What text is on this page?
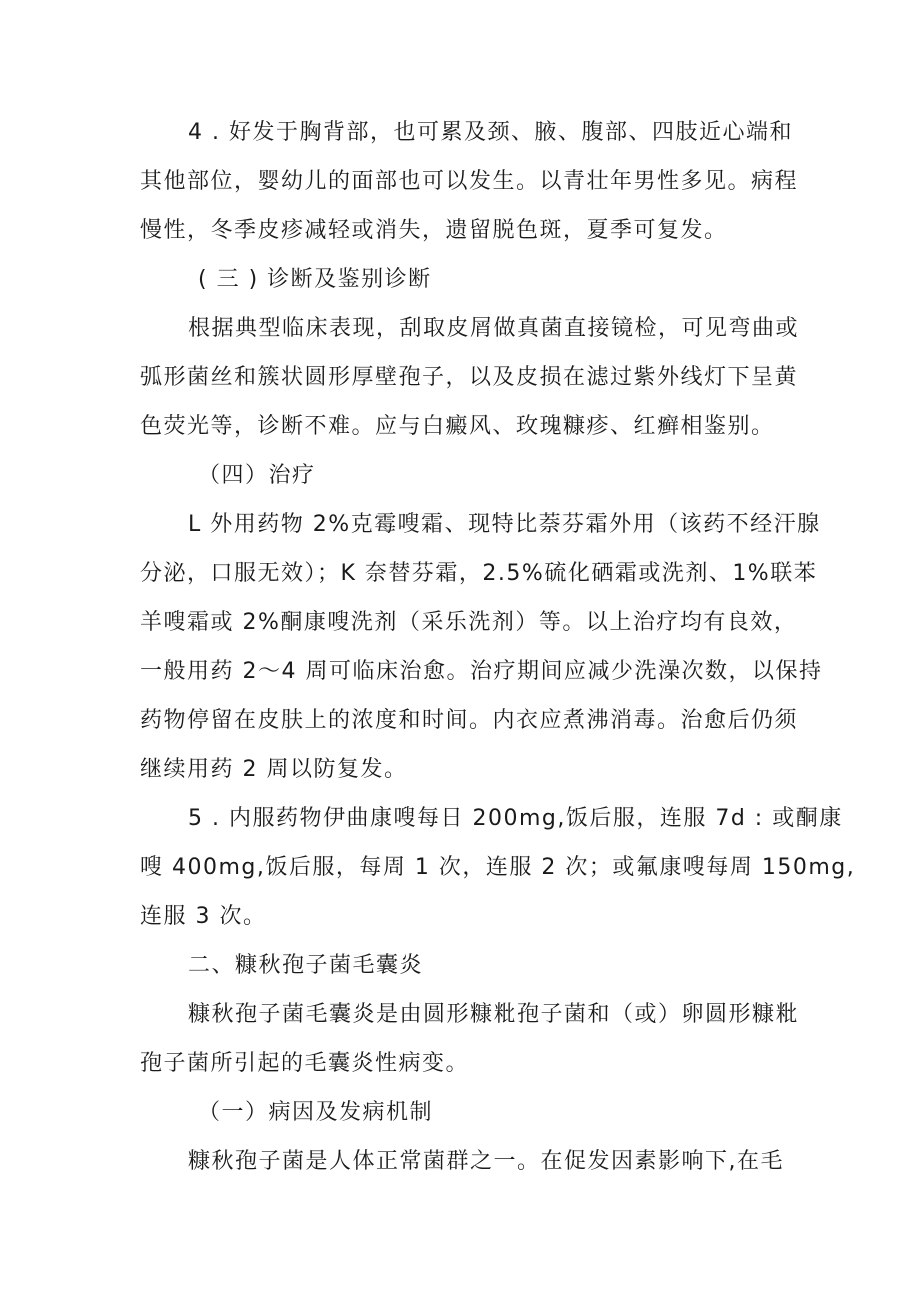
4 . 好发于胸背部，也可累及颈、腋、腹部、四肢近心端和
其他部位，婴幼儿的面部也可以发生。以青壮年男性多见。病程
慢性，冬季皮疹减轻或消失，遗留脱色斑，夏季可复发。
( 三 ) 诊断及鉴别诊断
根据典型临床表现，刮取皮屑做真菌直接镜检，可见弯曲或
弧形菌丝和簇状圆形厚壁孢子，以及皮损在滤过紫外线灯下呈黄
色荧光等，诊断不难。应与白癜风、玫瑰糠疹、红癣相鉴别。
（四）治疗
L 外用药物 2%克霉嗖霜、现特比萘芬霜外用（该药不经汗腺
分泌，口服无效）；K 奈替芬霜，2.5%硫化硒霜或洗剂、1%联苯
羊嗖霜或 2%酮康嗖洗剂（采乐洗剂）等。以上治疗均有良效，
一般用药 2〜4 周可临床治愈。治疗期间应减少洗澡次数，以保持
药物停留在皮肤上的浓度和时间。内衣应煮沸消毒。治愈后仍须
继续用药 2 周以防复发。
5 . 内服药物伊曲康嗖每日 200mg,饭后服，连服 7d : 或酮康
嗖 400mg,饭后服，每周 1 次，连服 2 次；或氟康嗖每周 150mg,
连服 3 次。
二、糠秋孢子菌毛囊炎
糠秋孢子菌毛囊炎是由圆形糠粃孢子菌和（或）卵圆形糠粃
孢子菌所引起的毛囊炎性病变。
（一）病因及发病机制
糠秋孢子菌是人体正常菌群之一。在促发因素影响下,在毛
